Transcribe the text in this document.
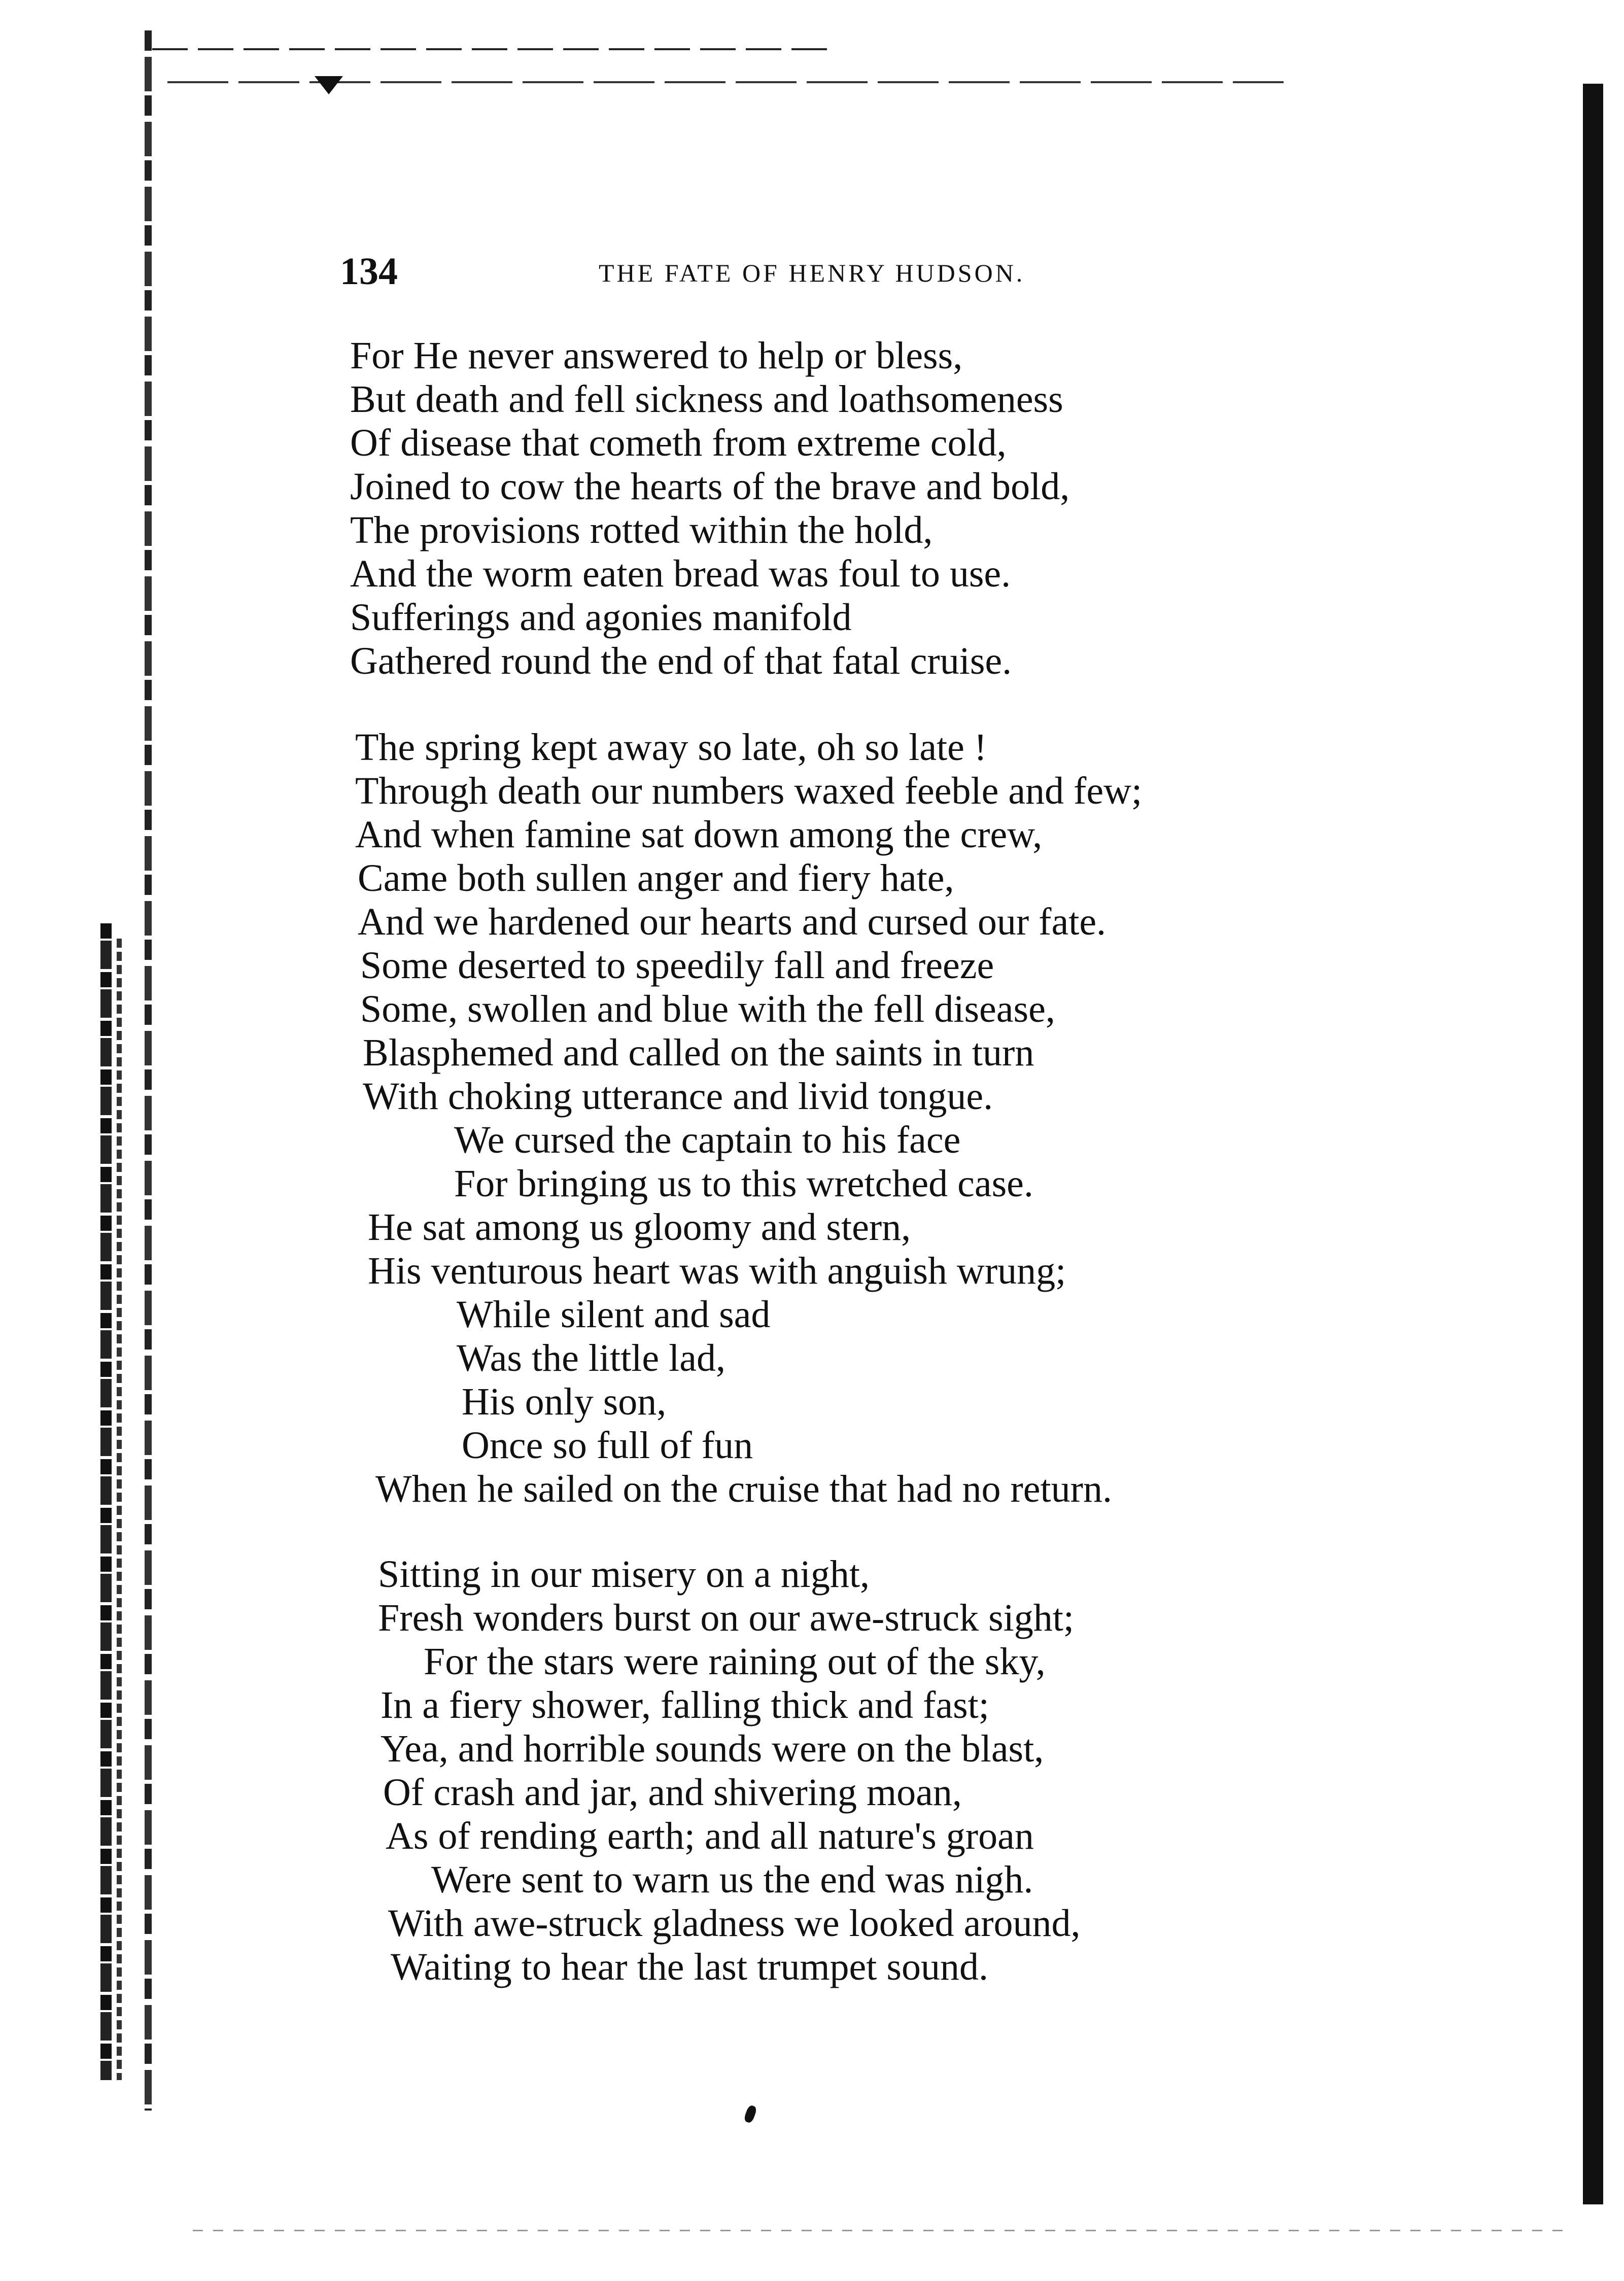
134	THE FATE OF HENRY HUDSON.
For He never answered to help or bless,
But death and fell sickness and loathsomeness
Of disease that cometh from extreme cold,
Joined to cow the hearts of the brave and bold,
The provisions rotted within the hold,
And the worm eaten bread was foul to use.
Sufferings and agonies manifold
Gathered round the end of that fatal cruise.
The spring kept away so late, oh so late !
Through death our numbers waxed feeble and few;
And when famine sat down among the crew,
Came both sullen anger and fiery hate,
And we hardened our hearts and cursed our fate.
Some deserted to speedily fall and freeze
Some, swollen and blue with the fell disease,
Blasphemed and called on the saints in turn
With choking utterance and livid tongue.
We cursed the captain to his face
For bringing us to this wretched case.
He sat among us gloomy and stern,
His venturous heart was with anguish wrung;
While silent and sad
Was the little lad,
His only son,
Once so full of fun
When he sailed on the cruise that had no return.
Sitting in our misery on a night,
Fresh wonders burst on our awe-struck sight;
For the stars were raining out of the sky,
In a fiery shower, falling thick and fast;
Yea, and horrible sounds were on the blast,
Of crash and jar, and shivering moan,
As of rending earth; and all nature's groan
Were sent to warn us the end was nigh.
With awe-struck gladness we looked around,
Waiting to hear the last trumpet sound.
